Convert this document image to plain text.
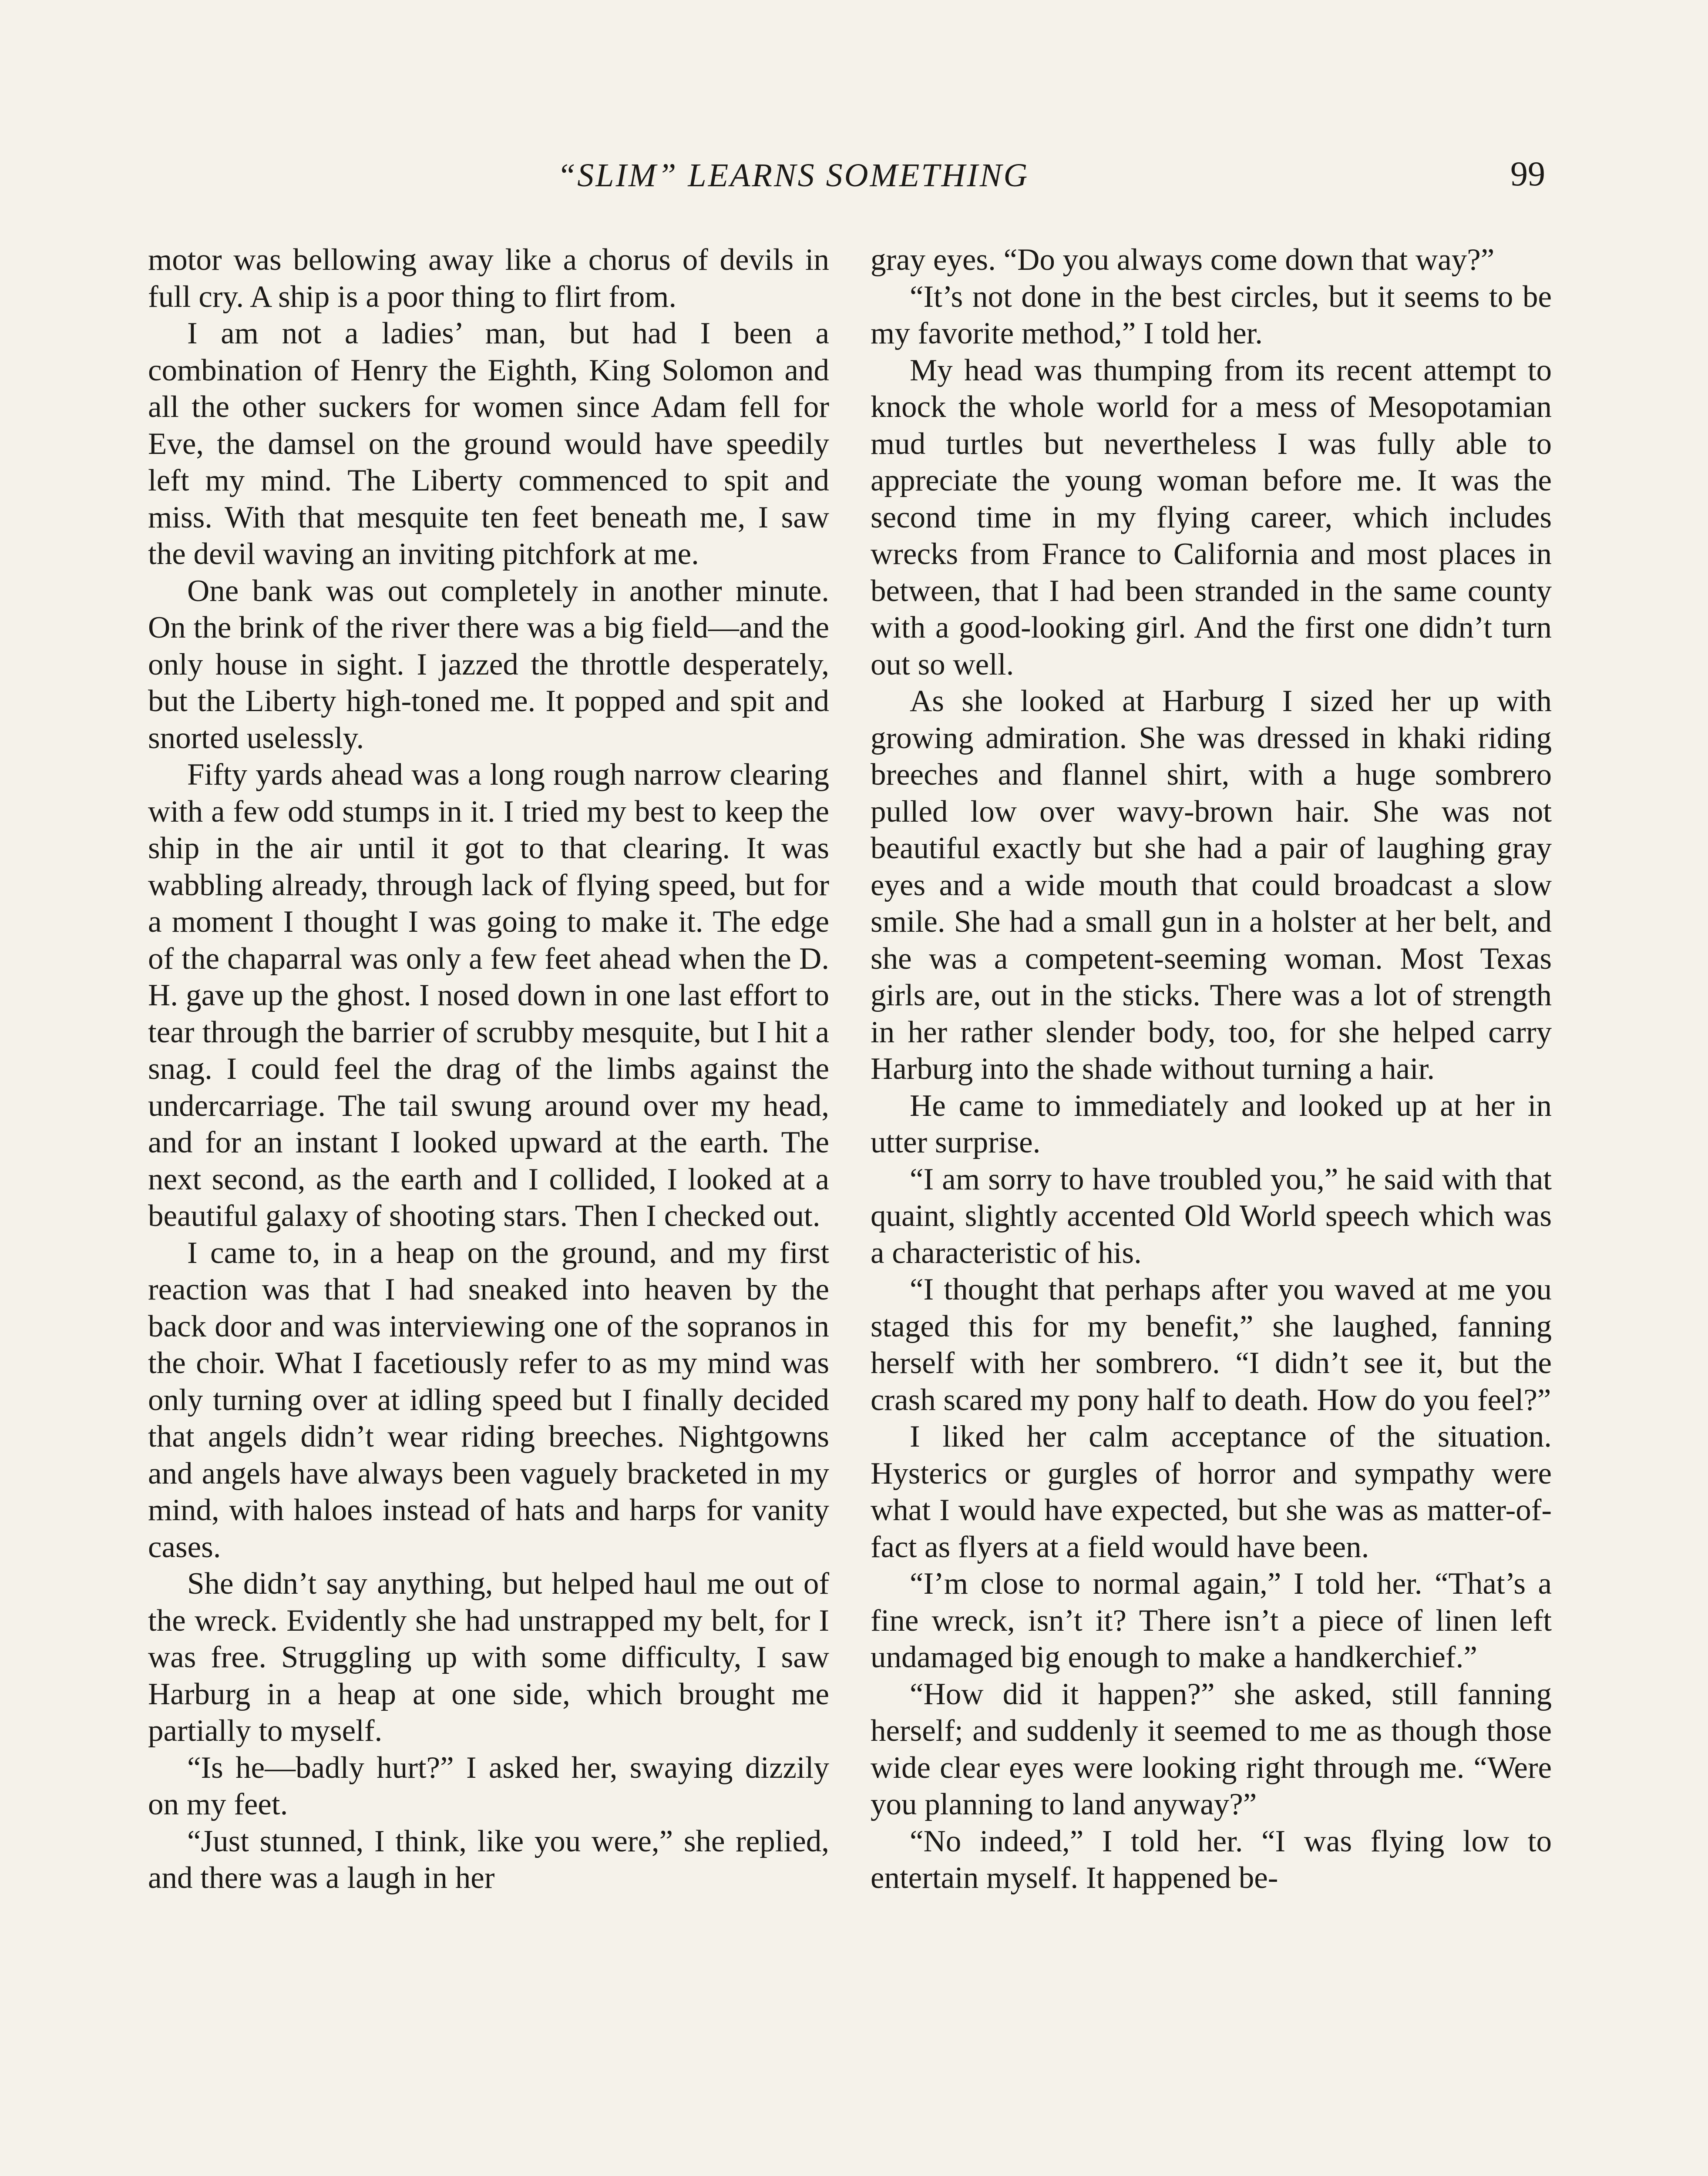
“SLIM” LEARNS SOMETHING	99

motor was bellowing away like a chorus of devils in full cry. A ship is a poor thing to flirt from.

I am not a ladies’ man, but had I been a combination of Henry the Eighth, King Solomon and all the other suckers for women since Adam fell for Eve, the damsel on the ground would have speedily left my mind. The Liberty commenced to spit and miss. With that mesquite ten feet beneath me, I saw the devil waving an inviting pitchfork at me.

One bank was out completely in another minute. On the brink of the river there was a big field—and the only house in sight. I jazzed the throttle desperately, but the Liberty high-toned me. It popped and spit and snorted uselessly.

Fifty yards ahead was a long rough narrow clearing with a few odd stumps in it. I tried my best to keep the ship in the air until it got to that clearing. It was wabbling already, through lack of flying speed, but for a moment I thought I was going to make it. The edge of the chaparral was only a few feet ahead when the D. H. gave up the ghost. I nosed down in one last effort to tear through the barrier of scrubby mesquite, but I hit a snag. I could feel the drag of the limbs against the undercarriage. The tail swung around over my head, and for an instant I looked upward at the earth. The next second, as the earth and I collided, I looked at a beautiful galaxy of shooting stars. Then I checked out.

I came to, in a heap on the ground, and my first reaction was that I had sneaked into heaven by the back door and was interviewing one of the sopranos in the choir. What I facetiously refer to as my mind was only turning over at idling speed but I finally decided that angels didn’t wear riding breeches. Nightgowns and angels have always been vaguely bracketed in my mind, with haloes instead of hats and harps for vanity cases.

She didn’t say anything, but helped haul me out of the wreck. Evidently she had unstrapped my belt, for I was free. Struggling up with some difficulty, I saw Harburg in a heap at one side, which brought me partially to myself.

“Is he—badly hurt?” I asked her, swaying dizzily on my feet.

“Just stunned, I think, like you were,” she replied, and there was a laugh in her

gray eyes. “Do you always come down that way?”

“It’s not done in the best circles, but it seems to be my favorite method,” I told her.

My head was thumping from its recent attempt to knock the whole world for a mess of Mesopotamian mud turtles but nevertheless I was fully able to appreciate the young woman before me. It was the second time in my flying career, which includes wrecks from France to California and most places in between, that I had been stranded in the same county with a good-looking girl. And the first one didn’t turn out so well.

As she looked at Harburg I sized her up with growing admiration. She was dressed in khaki riding breeches and flannel shirt, with a huge sombrero pulled low over wavy-brown hair. She was not beautiful exactly but she had a pair of laughing gray eyes and a wide mouth that could broadcast a slow smile. She had a small gun in a holster at her belt, and she was a competent-seeming woman. Most Texas girls are, out in the sticks. There was a lot of strength in her rather slender body, too, for she helped carry Harburg into the shade without turning a hair.

He came to immediately and looked up at her in utter surprise.

“I am sorry to have troubled you,” he said with that quaint, slightly accented Old World speech which was a characteristic of his.

“I thought that perhaps after you waved at me you staged this for my benefit,” she laughed, fanning herself with her sombrero. “I didn’t see it, but the crash scared my pony half to death. How do you feel?”

I liked her calm acceptance of the situation. Hysterics or gurgles of horror and sympathy were what I would have expected, but she was as matter-of-fact as flyers at a field would have been.

“I’m close to normal again,” I told her. “That’s a fine wreck, isn’t it? There isn’t a piece of linen left undamaged big enough to make a handkerchief.”

“How did it happen?” she asked, still fanning herself; and suddenly it seemed to me as though those wide clear eyes were looking right through me. “Were you planning to land anyway?”

“No indeed,” I told her. “I was flying low to entertain myself. It happened be-
